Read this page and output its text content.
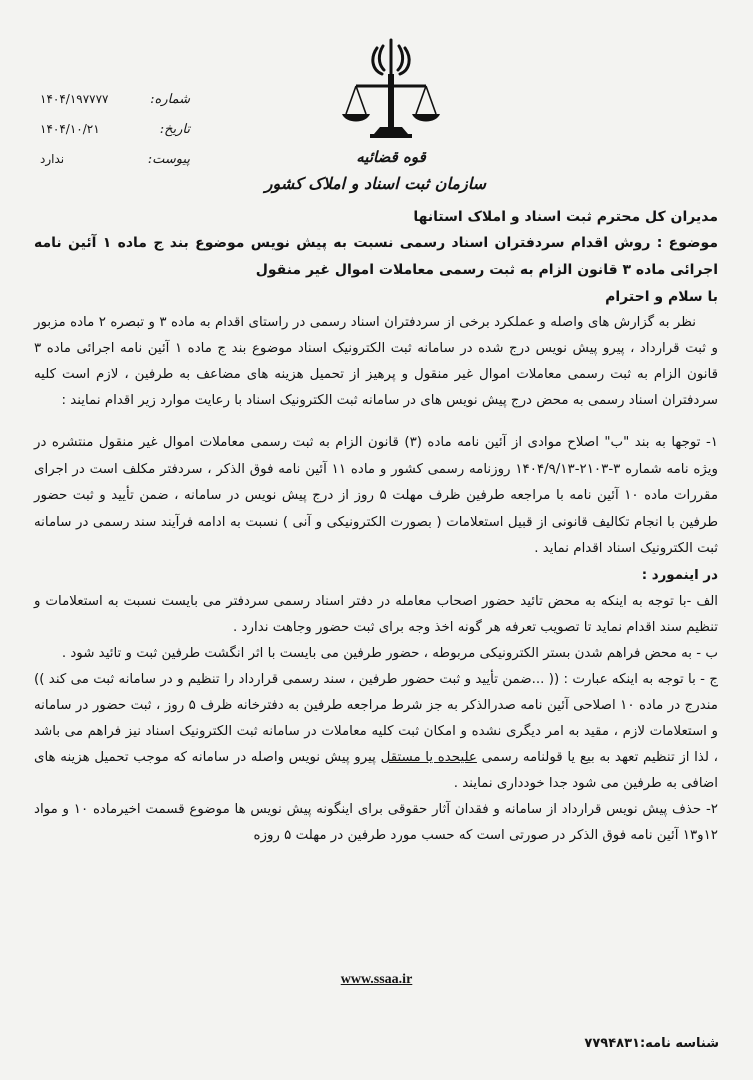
قوه قضائیه
سازمان ثبت اسناد و املاک کشور
شماره:
۱۴۰۴/۱۹۷۷۷۷
تاریخ:
۱۴۰۴/۱۰/۲۱
پیوست:
ندارد

مدیران کل محترم ثبت اسناد و املاک استانها

موضوع : روش اقدام سردفتران اسناد رسمی نسبت به پیش نویس موضوع بند ج ماده ۱ آئین نامه اجرائی ماده ۳ قانون الزام به ثبت رسمی معاملات اموال غیر منقول

با سلام و احترام

نظر به گزارش های واصله و عملکرد برخی از سردفتران اسناد رسمی در راستای اقدام به ماده ۳ و تبصره ۲ ماده مزبور و ثبت قرارداد ، پیرو پیش نویس درج شده در سامانه ثبت الکترونیک اسناد موضوع بند ج ماده ۱ آئین نامه اجرائی ماده ۳ قانون الزام به ثبت رسمی معاملات اموال غیر منقول و پرهیز از تحمیل هزینه های مضاعف به طرفین ، لازم است کلیه سردفتران اسناد رسمی به محض درج پیش نویس های در سامانه ثبت الکترونیک اسناد با رعایت موارد زیر اقدام نمایند :

۱- توجها به بند "ب" اصلاح موادی از آئین نامه ماده (۳) قانون الزام به ثبت رسمی معاملات اموال غیر منقول منتشره در ویژه نامه شماره ۳-۲۱۰۳-۱۴۰۴/۹/۱۳ روزنامه رسمی کشور و ماده ۱۱ آئین نامه فوق الذکر ، سردفتر مکلف است در اجرای مقررات ماده ۱۰ آئین نامه با مراجعه طرفین ظرف مهلت ۵ روز از درج پیش نویس در سامانه ، ضمن تأیید و ثبت حضور طرفین با انجام تکالیف قانونی از قبیل استعلامات ( بصورت الکترونیکی و آنی ) نسبت به ادامه فرآیند سند رسمی در سامانه ثبت الکترونیک اسناد اقدام نماید .

در اینمورد :

الف -با توجه به اینکه به محض تائید حضور اصحاب معامله در دفتر اسناد رسمی سردفتر می بایست نسبت به استعلامات و تنظیم سند اقدام نماید تا تصویب تعرفه هر گونه اخذ وجه برای ثبت حضور وجاهت ندارد .

ب - به محض فراهم شدن بستر الکترونیکی مربوطه ، حضور طرفین می بایست با اثر انگشت طرفین ثبت و تائید شود .

ج - با توجه به اینکه عبارت : (( ...ضمن تأیید و ثبت حضور طرفین ، سند رسمی قرارداد را تنظیم و در سامانه ثبت می کند )) مندرج در ماده ۱۰ اصلاحی آئین نامه صدرالذکر به جز شرط مراجعه طرفین به دفترخانه ظرف ۵ روز ، ثبت حضور در سامانه و استعلامات لازم ، مقید به امر دیگری نشده و امکان ثبت کلیه معاملات در سامانه ثبت الکترونیک اسناد نیز فراهم می باشد ، لذا از تنظیم تعهد به بیع یا قولنامه رسمی علیحده یا مستقل پیرو پیش نویس واصله در سامانه که موجب تحمیل هزینه های اضافی به طرفین می شود جدا خودداری نمایند .

۲- حذف پیش نویس قرارداد از سامانه و فقدان آثار حقوقی برای اینگونه پیش نویس ها موضوع قسمت اخیرماده ۱۰ و مواد ۱۲و۱۳ آئین نامه فوق الذکر در صورتی است که حسب مورد طرفین در مهلت ۵ روزه

www.ssaa.ir
شناسه نامه:۷۷۹۴۸۳۱
